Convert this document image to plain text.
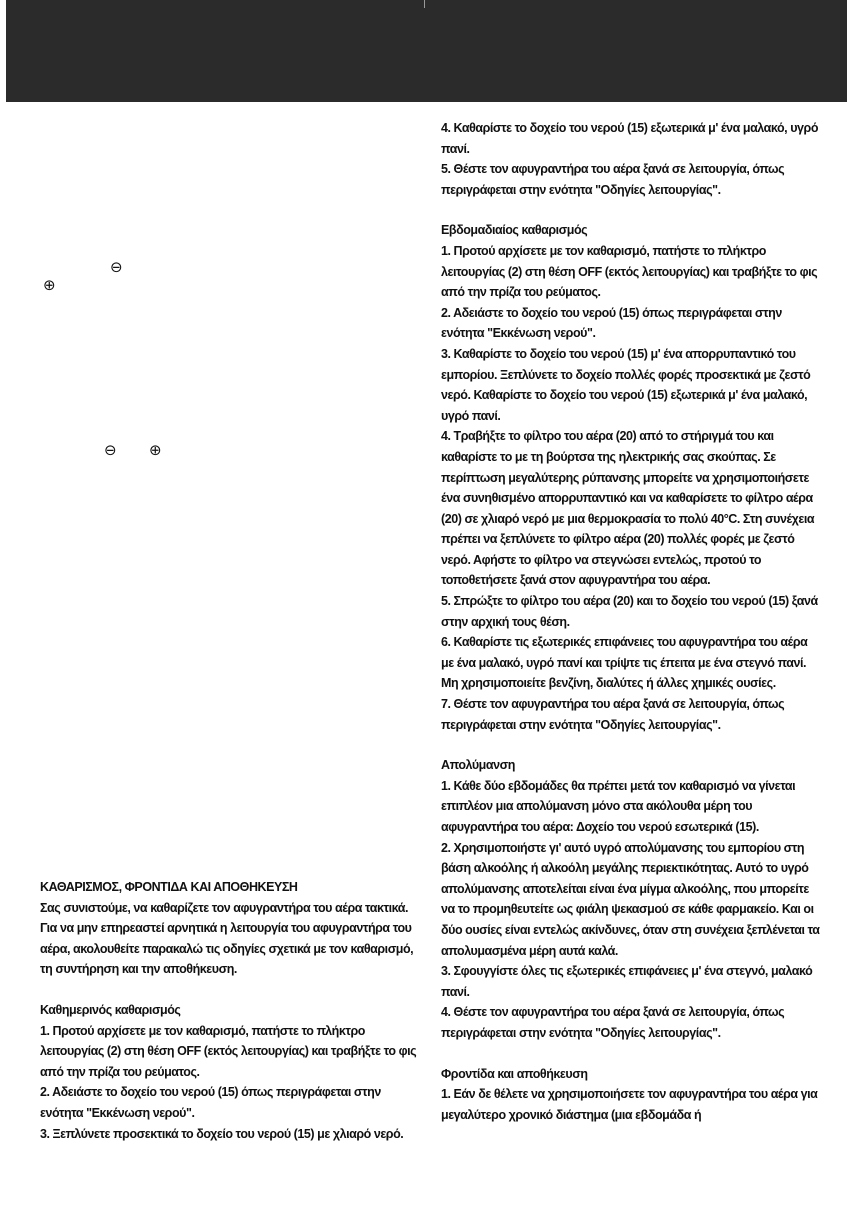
⊖
⊕
⊖ ⊕

ΚΑΘΑΡΙΣΜΟΣ, ΦΡΟΝΤΙΔΑ ΚΑΙ ΑΠΟΘΗΚΕΥΣΗ

Σας συνιστούμε, να καθαρίζετε τον αφυγραντήρα του αέρα τακτικά. Για να μην επηρεαστεί αρνητικά η λειτουργία του αφυγραντήρα του αέρα, ακολουθείτε παρακαλώ τις οδηγίες σχετικά με τον καθαρισμό, τη συντήρηση και την αποθήκευση.

Καθημερινός καθαρισμός

1. Προτού αρχίσετε με τον καθαρισμό, πατήστε το πλήκτρο λειτουργίας (2) στη θέση OFF (εκτός λειτουργίας) και τραβήξτε το φις από την πρίζα του ρεύματος.

2. Αδειάστε το δοχείο του νερού (15) όπως περιγράφεται στην ενότητα "Εκκένωση νερού".

3. Ξεπλύνετε προσεκτικά το δοχείο του νερού (15) με χλιαρό νερό.

4. Καθαρίστε το δοχείο του νερού (15) εξωτερικά μ' ένα μαλακό, υγρό πανί.

5. Θέστε τον αφυγραντήρα του αέρα ξανά σε λειτουργία, όπως περιγράφεται στην ενότητα "Οδηγίες λειτουργίας".

Εβδομαδιαίος καθαρισμός

1. Προτού αρχίσετε με τον καθαρισμό, πατήστε το πλήκτρο λειτουργίας (2) στη θέση OFF (εκτός λειτουργίας) και τραβήξτε το φις από την πρίζα του ρεύματος.

2. Αδειάστε το δοχείο του νερού (15) όπως περιγράφεται στην ενότητα "Εκκένωση νερού".

3. Καθαρίστε το δοχείο του νερού (15) μ' ένα απορρυπαντικό του εμπορίου. Ξεπλύνετε το δοχείο πολλές φορές προσεκτικά με ζεστό νερό. Καθαρίστε το δοχείο του νερού (15) εξωτερικά μ' ένα μαλακό, υγρό πανί.

4. Τραβήξτε το φίλτρο του αέρα (20) από το στήριγμά του και καθαρίστε το με τη βούρτσα της ηλεκτρικής σας σκούπας. Σε περίπτωση μεγαλύτερης ρύπανσης μπορείτε να χρησιμοποιήσετε ένα συνηθισμένο απορρυπαντικό και να καθαρίσετε το φίλτρο αέρα (20) σε χλιαρό νερό με μια θερμοκρασία το πολύ 40°C. Στη συνέχεια πρέπει να ξεπλύνετε το φίλτρο αέρα (20) πολλές φορές με ζεστό νερό. Αφήστε το φίλτρο να στεγνώσει εντελώς, προτού το τοποθετήσετε ξανά στον αφυγραντήρα του αέρα.

5. Σπρώξτε το φίλτρο του αέρα (20) και το δοχείο του νερού (15) ξανά στην αρχική τους θέση.

6. Καθαρίστε τις εξωτερικές επιφάνειες του αφυγραντήρα του αέρα με ένα μαλακό, υγρό πανί και τρίψτε τις έπειτα με ένα στεγνό πανί. Μη χρησιμοποιείτε βενζίνη, διαλύτες ή άλλες χημικές ουσίες.

7. Θέστε τον αφυγραντήρα του αέρα ξανά σε λειτουργία, όπως περιγράφεται στην ενότητα "Οδηγίες λειτουργίας".

Απολύμανση

1. Κάθε δύο εβδομάδες θα πρέπει μετά τον καθαρισμό να γίνεται επιπλέον μια απολύμανση μόνο στα ακόλουθα μέρη του αφυγραντήρα του αέρα: Δοχείο του νερού εσωτερικά (15).

2. Χρησιμοποιήστε γι' αυτό υγρό απολύμανσης του εμπορίου στη βάση αλκοόλης ή αλκοόλη μεγάλης περιεκτικότητας. Αυτό το υγρό απολύμανσης αποτελείται είναι ένα μίγμα αλκοόλης, που μπορείτε να το προμηθευτείτε ως φιάλη ψεκασμού σε κάθε φαρμακείο. Και οι δύο ουσίες είναι εντελώς ακίνδυνες, όταν στη συνέχεια ξεπλένεται τα απολυμασμένα μέρη αυτά καλά.

3. Σφουγγίστε όλες τις εξωτερικές επιφάνειες μ' ένα στεγνό, μαλακό πανί.

4. Θέστε τον αφυγραντήρα του αέρα ξανά σε λειτουργία, όπως περιγράφεται στην ενότητα "Οδηγίες λειτουργίας".

Φροντίδα και αποθήκευση

1. Εάν δε θέλετε να χρησιμοποιήσετε τον αφυγραντήρα του αέρα για μεγαλύτερο χρονικό διάστημα (μια εβδομάδα ή
